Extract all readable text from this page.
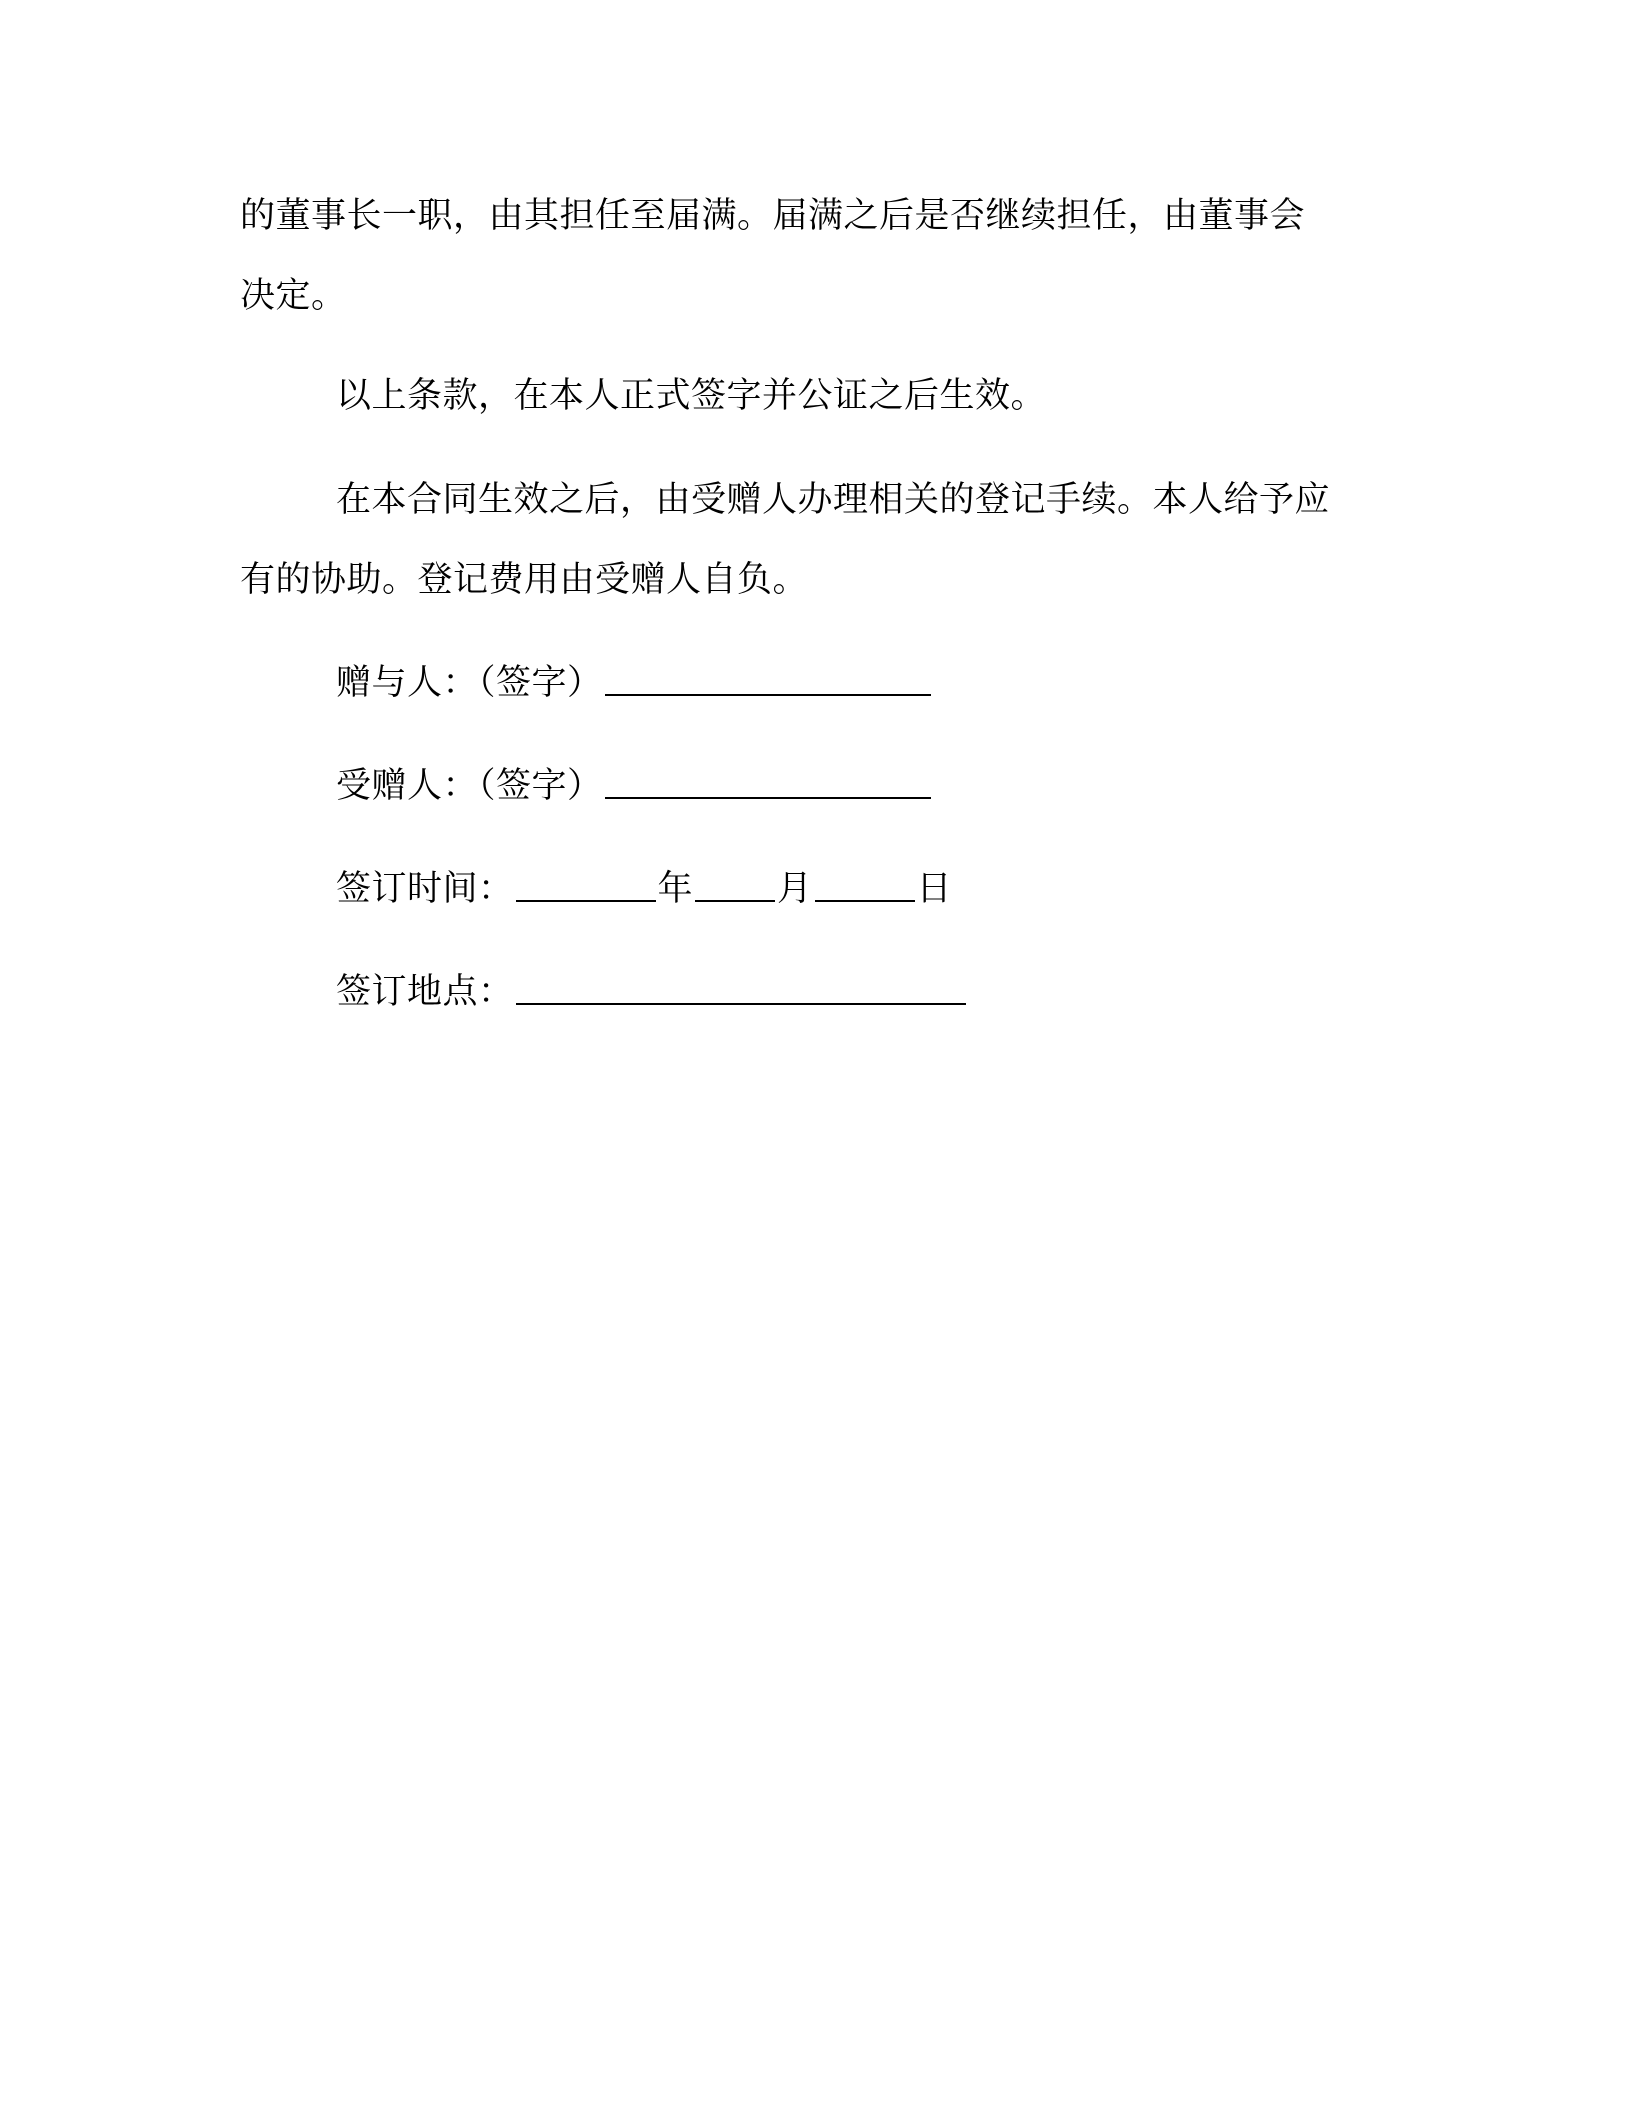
的董事长一职，由其担任至届满。届满之后是否继续担任，由董事会
决定。
以上条款，在本人正式签字并公证之后生效。
在本合同生效之后，由受赠人办理相关的登记手续。本人给予应
有的协助。登记费用由受赠人自负。
赠与人：（签字）
受赠人：（签字）
签订时间：	年 月	日
签订地点：
